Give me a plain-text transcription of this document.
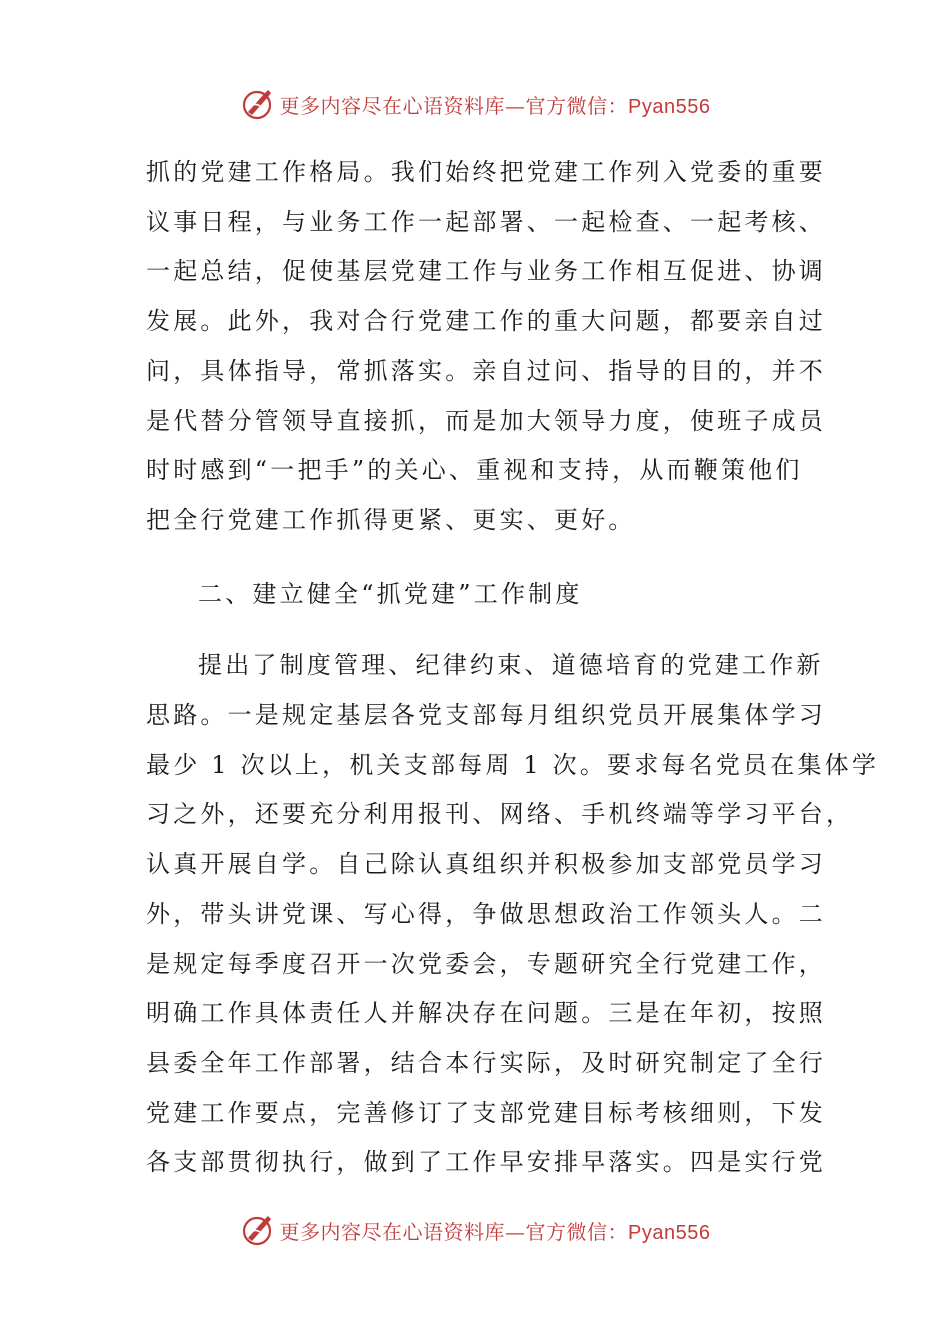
更多内容尽在心语资料库—官方微信：Pyan556

抓的党建工作格局。我们始终把党建工作列入党委的重要
议事日程，与业务工作一起部署、一起检查、一起考核、
一起总结，促使基层党建工作与业务工作相互促进、协调
发展。此外，我对合行党建工作的重大问题，都要亲自过
问，具体指导，常抓落实。亲自过问、指导的目的，并不
是代替分管领导直接抓，而是加大领导力度，使班子成员
时时感到“一把手”的关心、重视和支持，从而鞭策他们
把全行党建工作抓得更紧、更实、更好。

二、建立健全“抓党建”工作制度

提出了制度管理、纪律约束、道德培育的党建工作新
思路。一是规定基层各党支部每月组织党员开展集体学习
最少 1 次以上，机关支部每周 1 次。要求每名党员在集体学
习之外，还要充分利用报刊、网络、手机终端等学习平台，
认真开展自学。自己除认真组织并积极参加支部党员学习
外，带头讲党课、写心得，争做思想政治工作领头人。二
是规定每季度召开一次党委会，专题研究全行党建工作，
明确工作具体责任人并解决存在问题。三是在年初，按照
县委全年工作部署，结合本行实际，及时研究制定了全行
党建工作要点，完善修订了支部党建目标考核细则，下发
各支部贯彻执行，做到了工作早安排早落实。四是实行党

更多内容尽在心语资料库—官方微信：Pyan556
